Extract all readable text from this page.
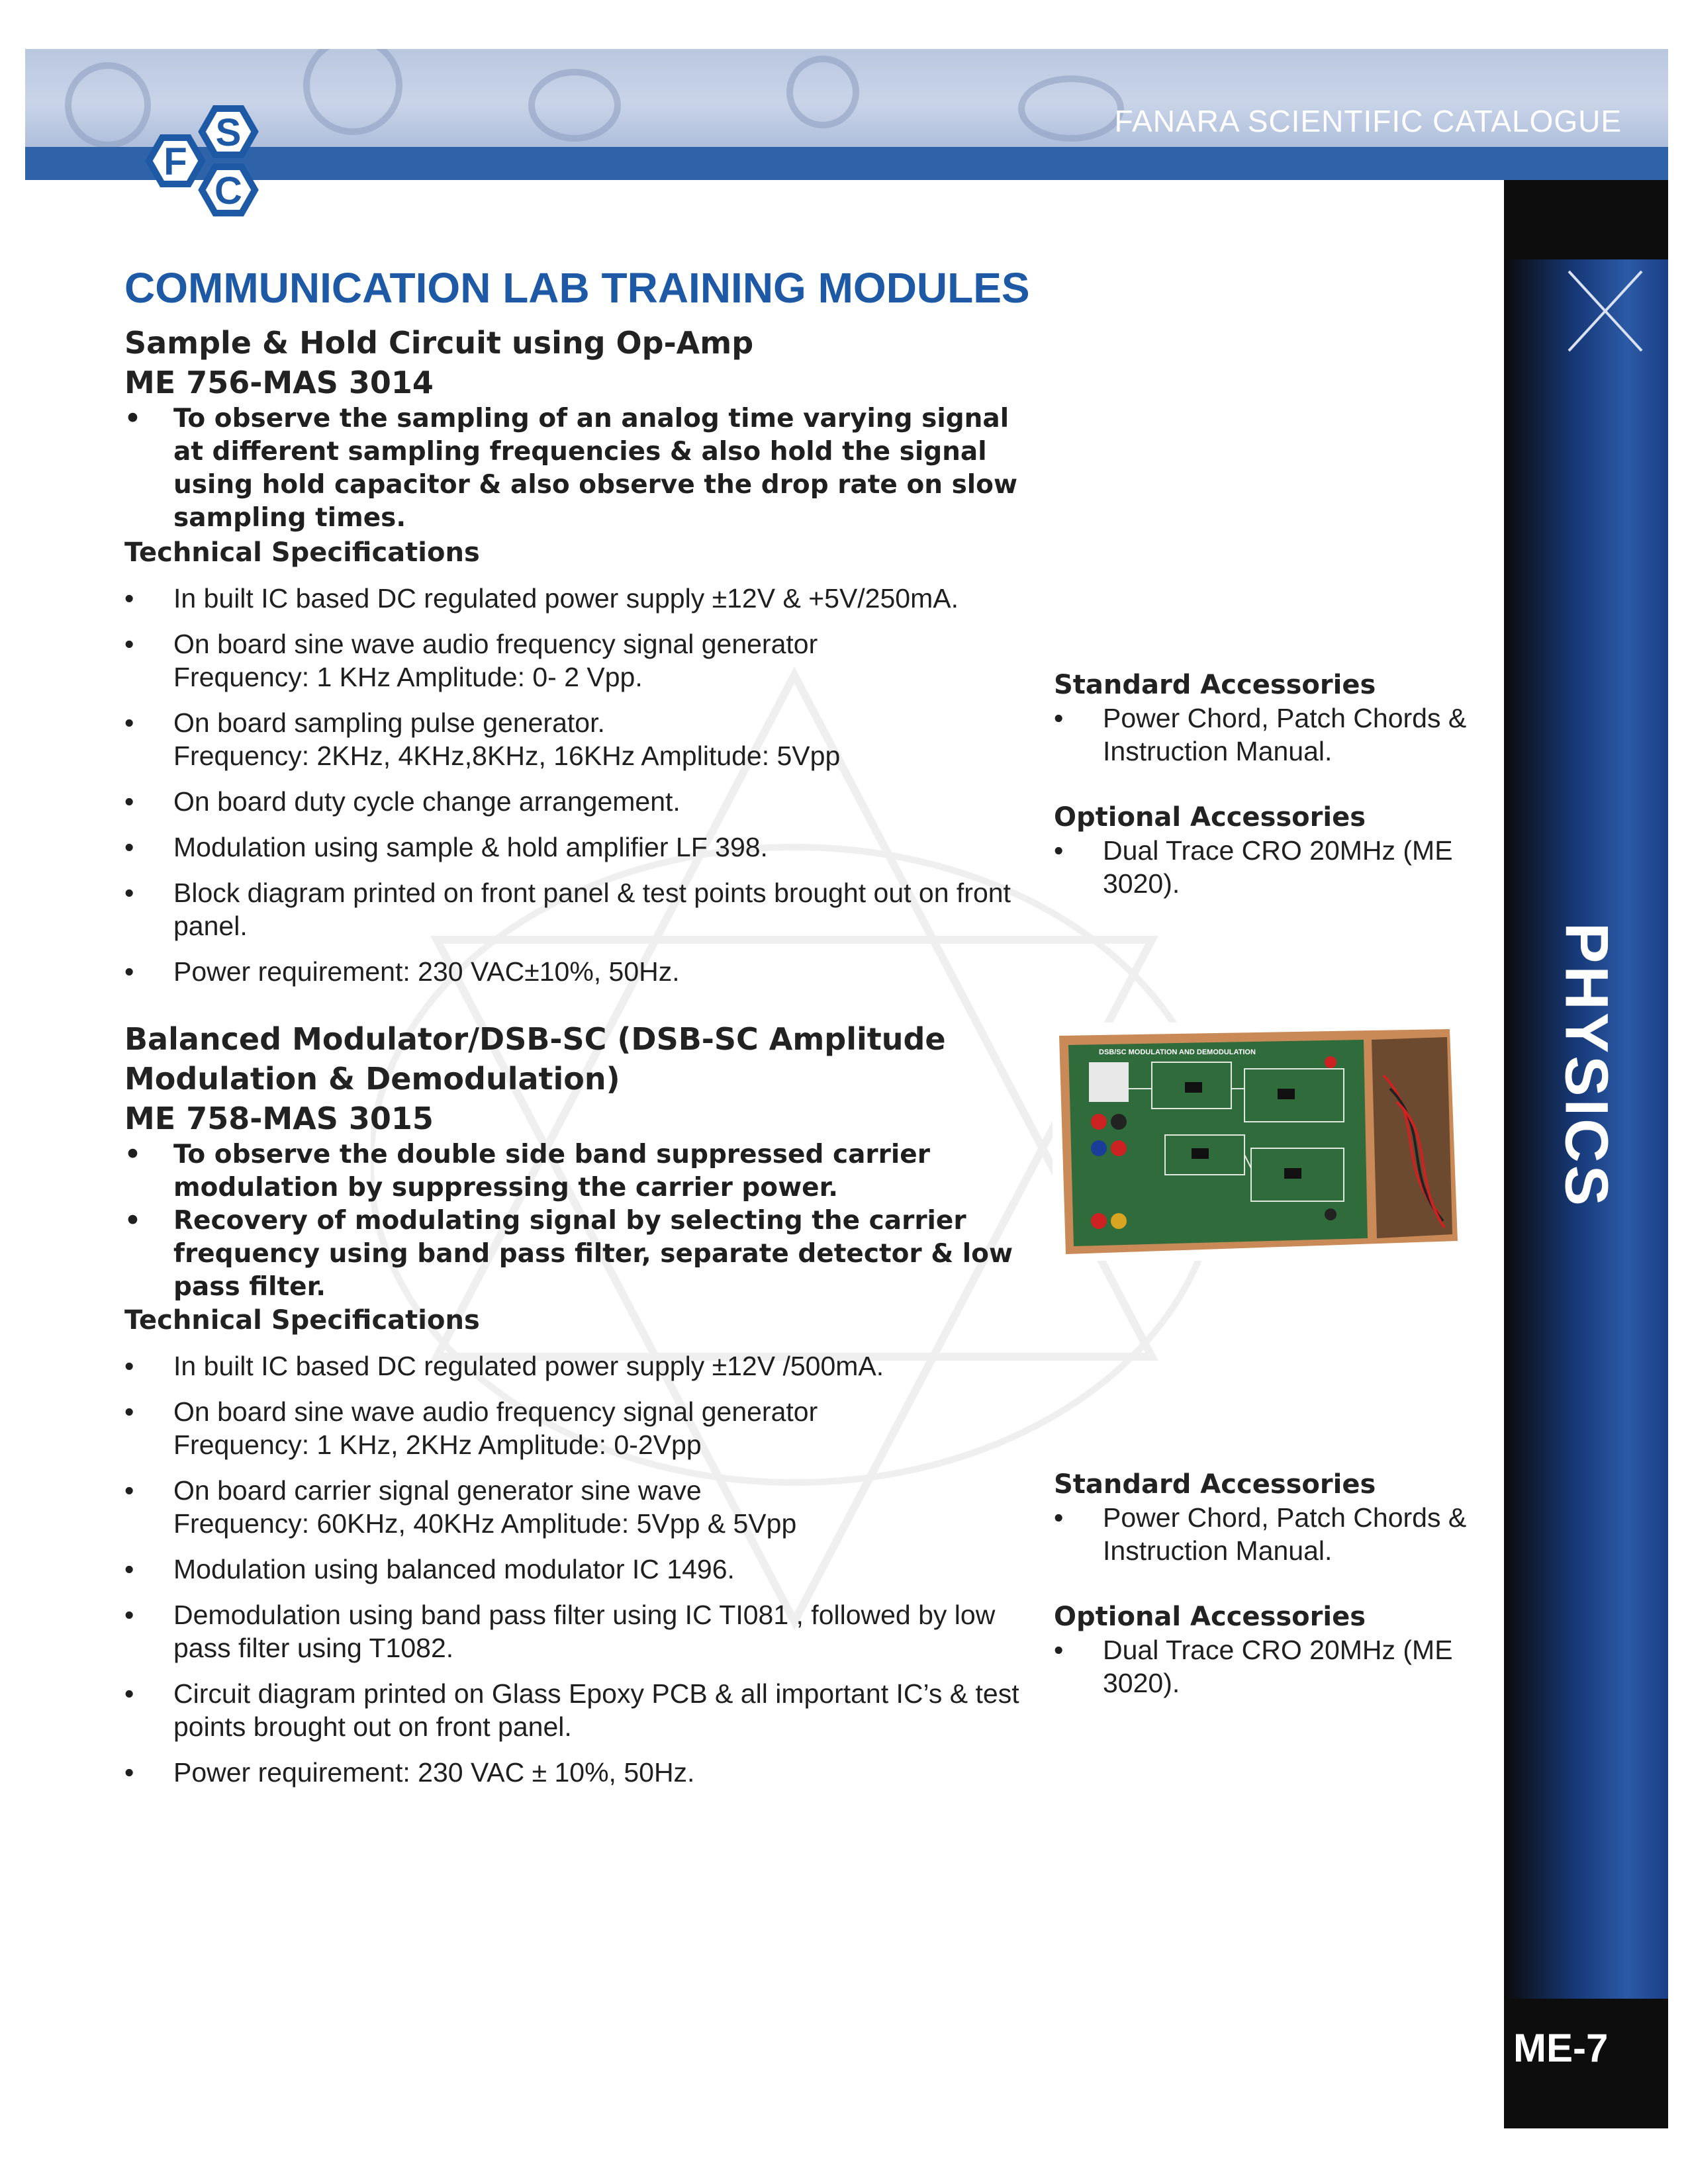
FANARA SCIENTIFIC CATALOGUE
S
F
C
PHYSICS
ME-7
COMMUNICATION LAB TRAINING MODULES
Sample & Hold Circuit using Op-Amp
ME 756-MAS 3014
• To observe the sampling of an analog time varying signal at different sampling frequencies & also hold the signal using hold capacitor & also observe the drop rate on slow sampling times.

Technical Specifications

• In built IC based DC regulated power supply ±12V & +5V/250mA.

• On board sine wave audio frequency signal generator
Frequency: 1 KHz Amplitude: 0- 2 Vpp.

• On board sampling pulse generator.
Frequency: 2KHz, 4KHz,8KHz, 16KHz Amplitude: 5Vpp

• On board duty cycle change arrangement.

• Modulation using sample & hold amplifier LF 398.

• Block diagram printed on front panel & test points brought out on front panel.

• Power requirement: 230 VAC±10%, 50Hz.

Standard Accessories

• Power Chord, Patch Chords & Instruction Manual.

Optional Accessories

• Dual Trace CRO 20MHz (ME 3020).
Balanced Modulator/DSB-SC (DSB-SC Amplitude
Modulation & Demodulation)
ME 758-MAS 3015
• To observe the double side band suppressed carrier modulation by suppressing the carrier power.
• Recovery of modulating signal by selecting the carrier frequency using band pass filter, separate detector & low pass filter.

Technical Specifications

• In built IC based DC regulated power supply ±12V /500mA.

• On board sine wave audio frequency signal generator
Frequency: 1 KHz, 2KHz Amplitude: 0-2Vpp

• On board carrier signal generator sine wave
Frequency: 60KHz, 40KHz Amplitude: 5Vpp & 5Vpp

• Modulation using balanced modulator IC 1496.

• Demodulation using band pass filter using IC TI081 , followed by low pass filter using T1082.

• Circuit diagram printed on Glass Epoxy PCB & all important IC’s & test points brought out on front panel.

• Power requirement: 230 VAC ± 10%, 50Hz.

Standard Accessories

• Power Chord, Patch Chords & Instruction Manual.

Optional Accessories

• Dual Trace CRO 20MHz (ME 3020).
DSB/SC MODULATION AND DEMODULATION
